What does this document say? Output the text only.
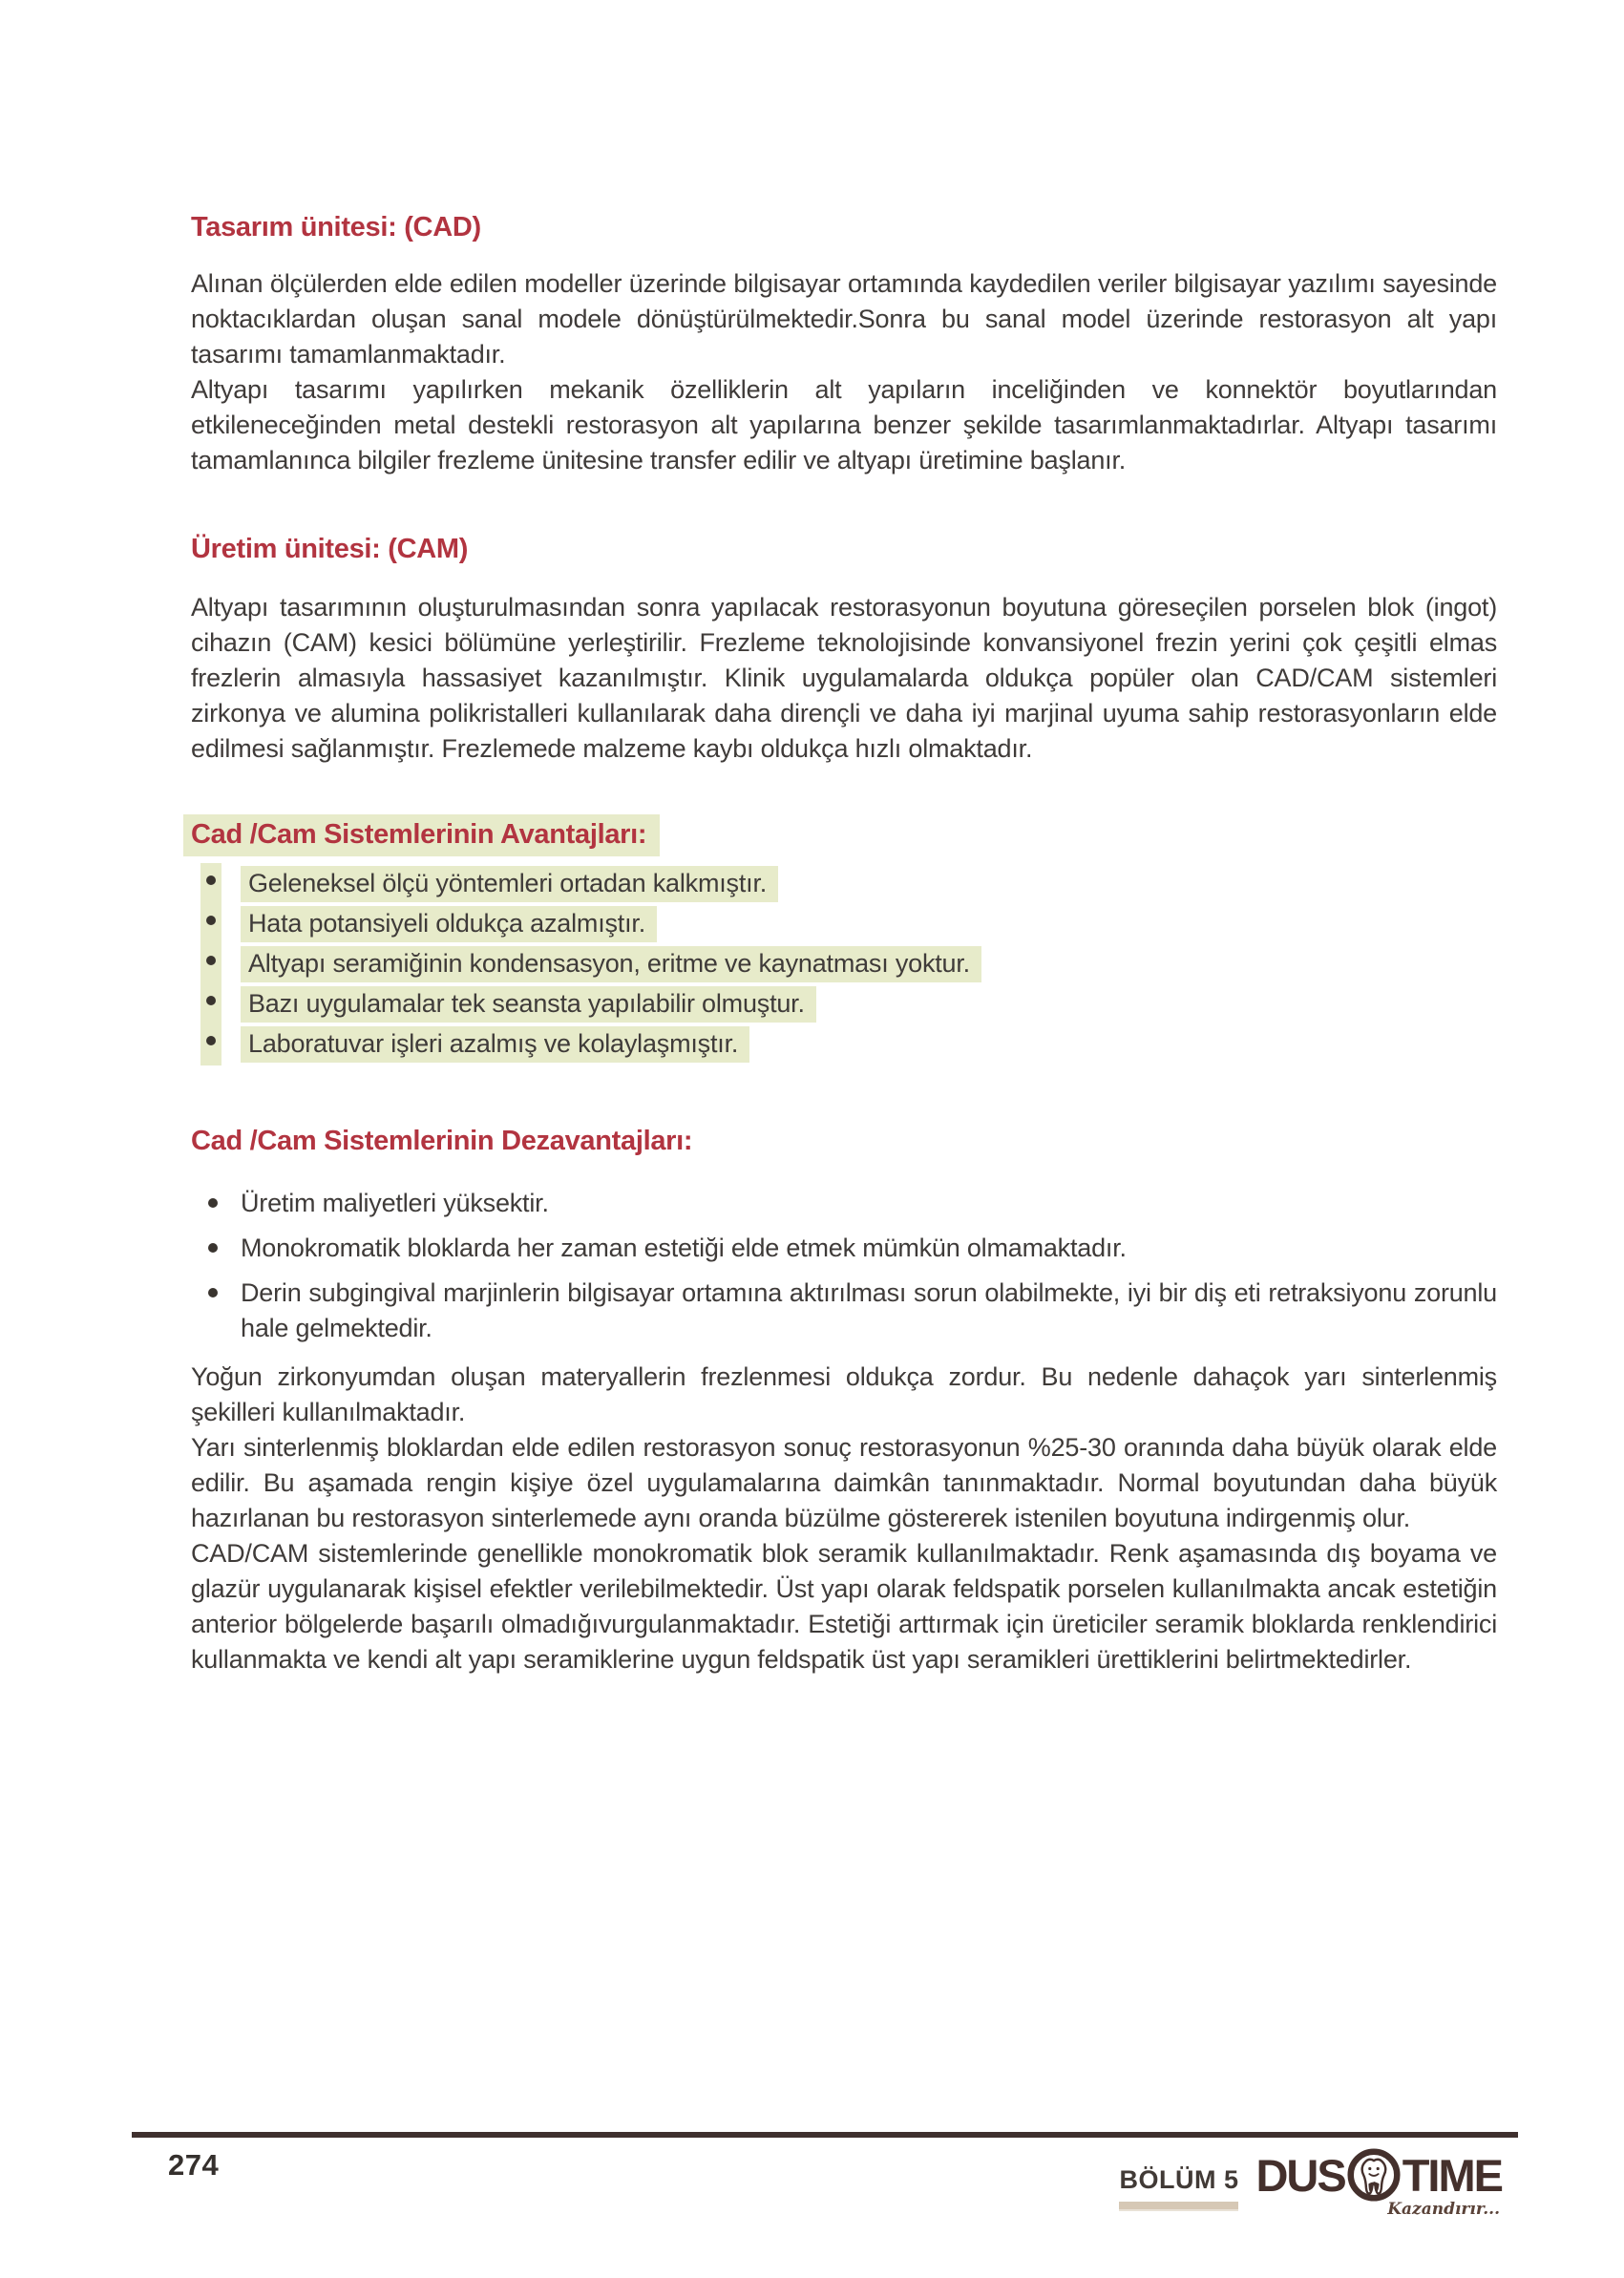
Tasarım ünitesi: (CAD)

Alınan ölçülerden elde edilen modeller üzerinde bilgisayar ortamında kaydedilen veriler bilgisayar yazılımı sayesinde noktacıklardan oluşan sanal modele dönüştürülmektedir.Sonra bu sanal model üzerinde restorasyon alt yapı tasarımı tamamlanmaktadır.

Altyapı tasarımı yapılırken mekanik özelliklerin alt yapıların inceliğinden ve konnektör boyutlarından etkileneceğinden metal destekli restorasyon alt yapılarına benzer şekilde tasarımlanmaktadırlar. Altyapı tasarımı tamamlanınca bilgiler frezleme ünitesine transfer edilir ve altyapı üretimine başlanır.

Üretim ünitesi: (CAM)

Altyapı tasarımının oluşturulmasından sonra yapılacak restorasyonun boyutuna göreseçilen porselen blok (ingot) cihazın (CAM) kesici bölümüne yerleştirilir. Frezleme teknolojisinde konvansiyonel frezin yerini çok çeşitli elmas frezlerin almasıyla hassasiyet kazanılmıştır. Klinik uygulamalarda oldukça popüler olan CAD/CAM sistemleri zirkonya ve alumina polikristalleri kullanılarak daha dirençli ve daha iyi marjinal uyuma sahip restorasyonların elde edilmesi sağlanmıştır. Frezlemede malzeme kaybı oldukça hızlı olmaktadır.

Cad /Cam Sistemlerinin Avantajları:
Geleneksel ölçü yöntemleri ortadan kalkmıştır.
Hata potansiyeli oldukça azalmıştır.
Altyapı seramiğinin kondensasyon, eritme ve kaynatması yoktur.
Bazı uygulamalar tek seansta yapılabilir olmuştur.
Laboratuvar işleri azalmış ve kolaylaşmıştır.
Cad /Cam Sistemlerinin Dezavantajları:
Üretim maliyetleri yüksektir.
Monokromatik bloklarda her zaman estetiği elde etmek mümkün olmamaktadır.
Derin subgingival marjinlerin bilgisayar ortamına aktırılması sorun olabilmekte, iyi bir diş eti retraksiyonu zorunlu hale gelmektedir.

Yoğun zirkonyumdan oluşan materyallerin frezlenmesi oldukça zordur. Bu nedenle dahaçok yarı sinterlenmiş şekilleri kullanılmaktadır.

Yarı sinterlenmiş bloklardan elde edilen restorasyon sonuç restorasyonun %25-30 oranında daha büyük olarak elde edilir. Bu aşamada rengin kişiye özel uygulamalarına daimkân tanınmaktadır. Normal boyutundan daha büyük hazırlanan bu restorasyon sinterlemede aynı oranda büzülme göstererek istenilen boyutuna indirgenmiş olur.

CAD/CAM sistemlerinde genellikle monokromatik blok seramik kullanılmaktadır. Renk aşamasında dış boyama ve glazür uygulanarak kişisel efektler verilebilmektedir. Üst yapı olarak feldspatik porselen kullanılmakta ancak estetiğin anterior bölgelerde başarılı olmadığıvurgulanmaktadır. Estetiği arttırmak için üreticiler seramik bloklarda renklendirici kullanmakta ve kendi alt yapı seramiklerine uygun feldspatik üst yapı seramikleri ürettiklerini belirtmektedirler.

274	BÖLÜM 5 DUS TIME
Kazandırır...
